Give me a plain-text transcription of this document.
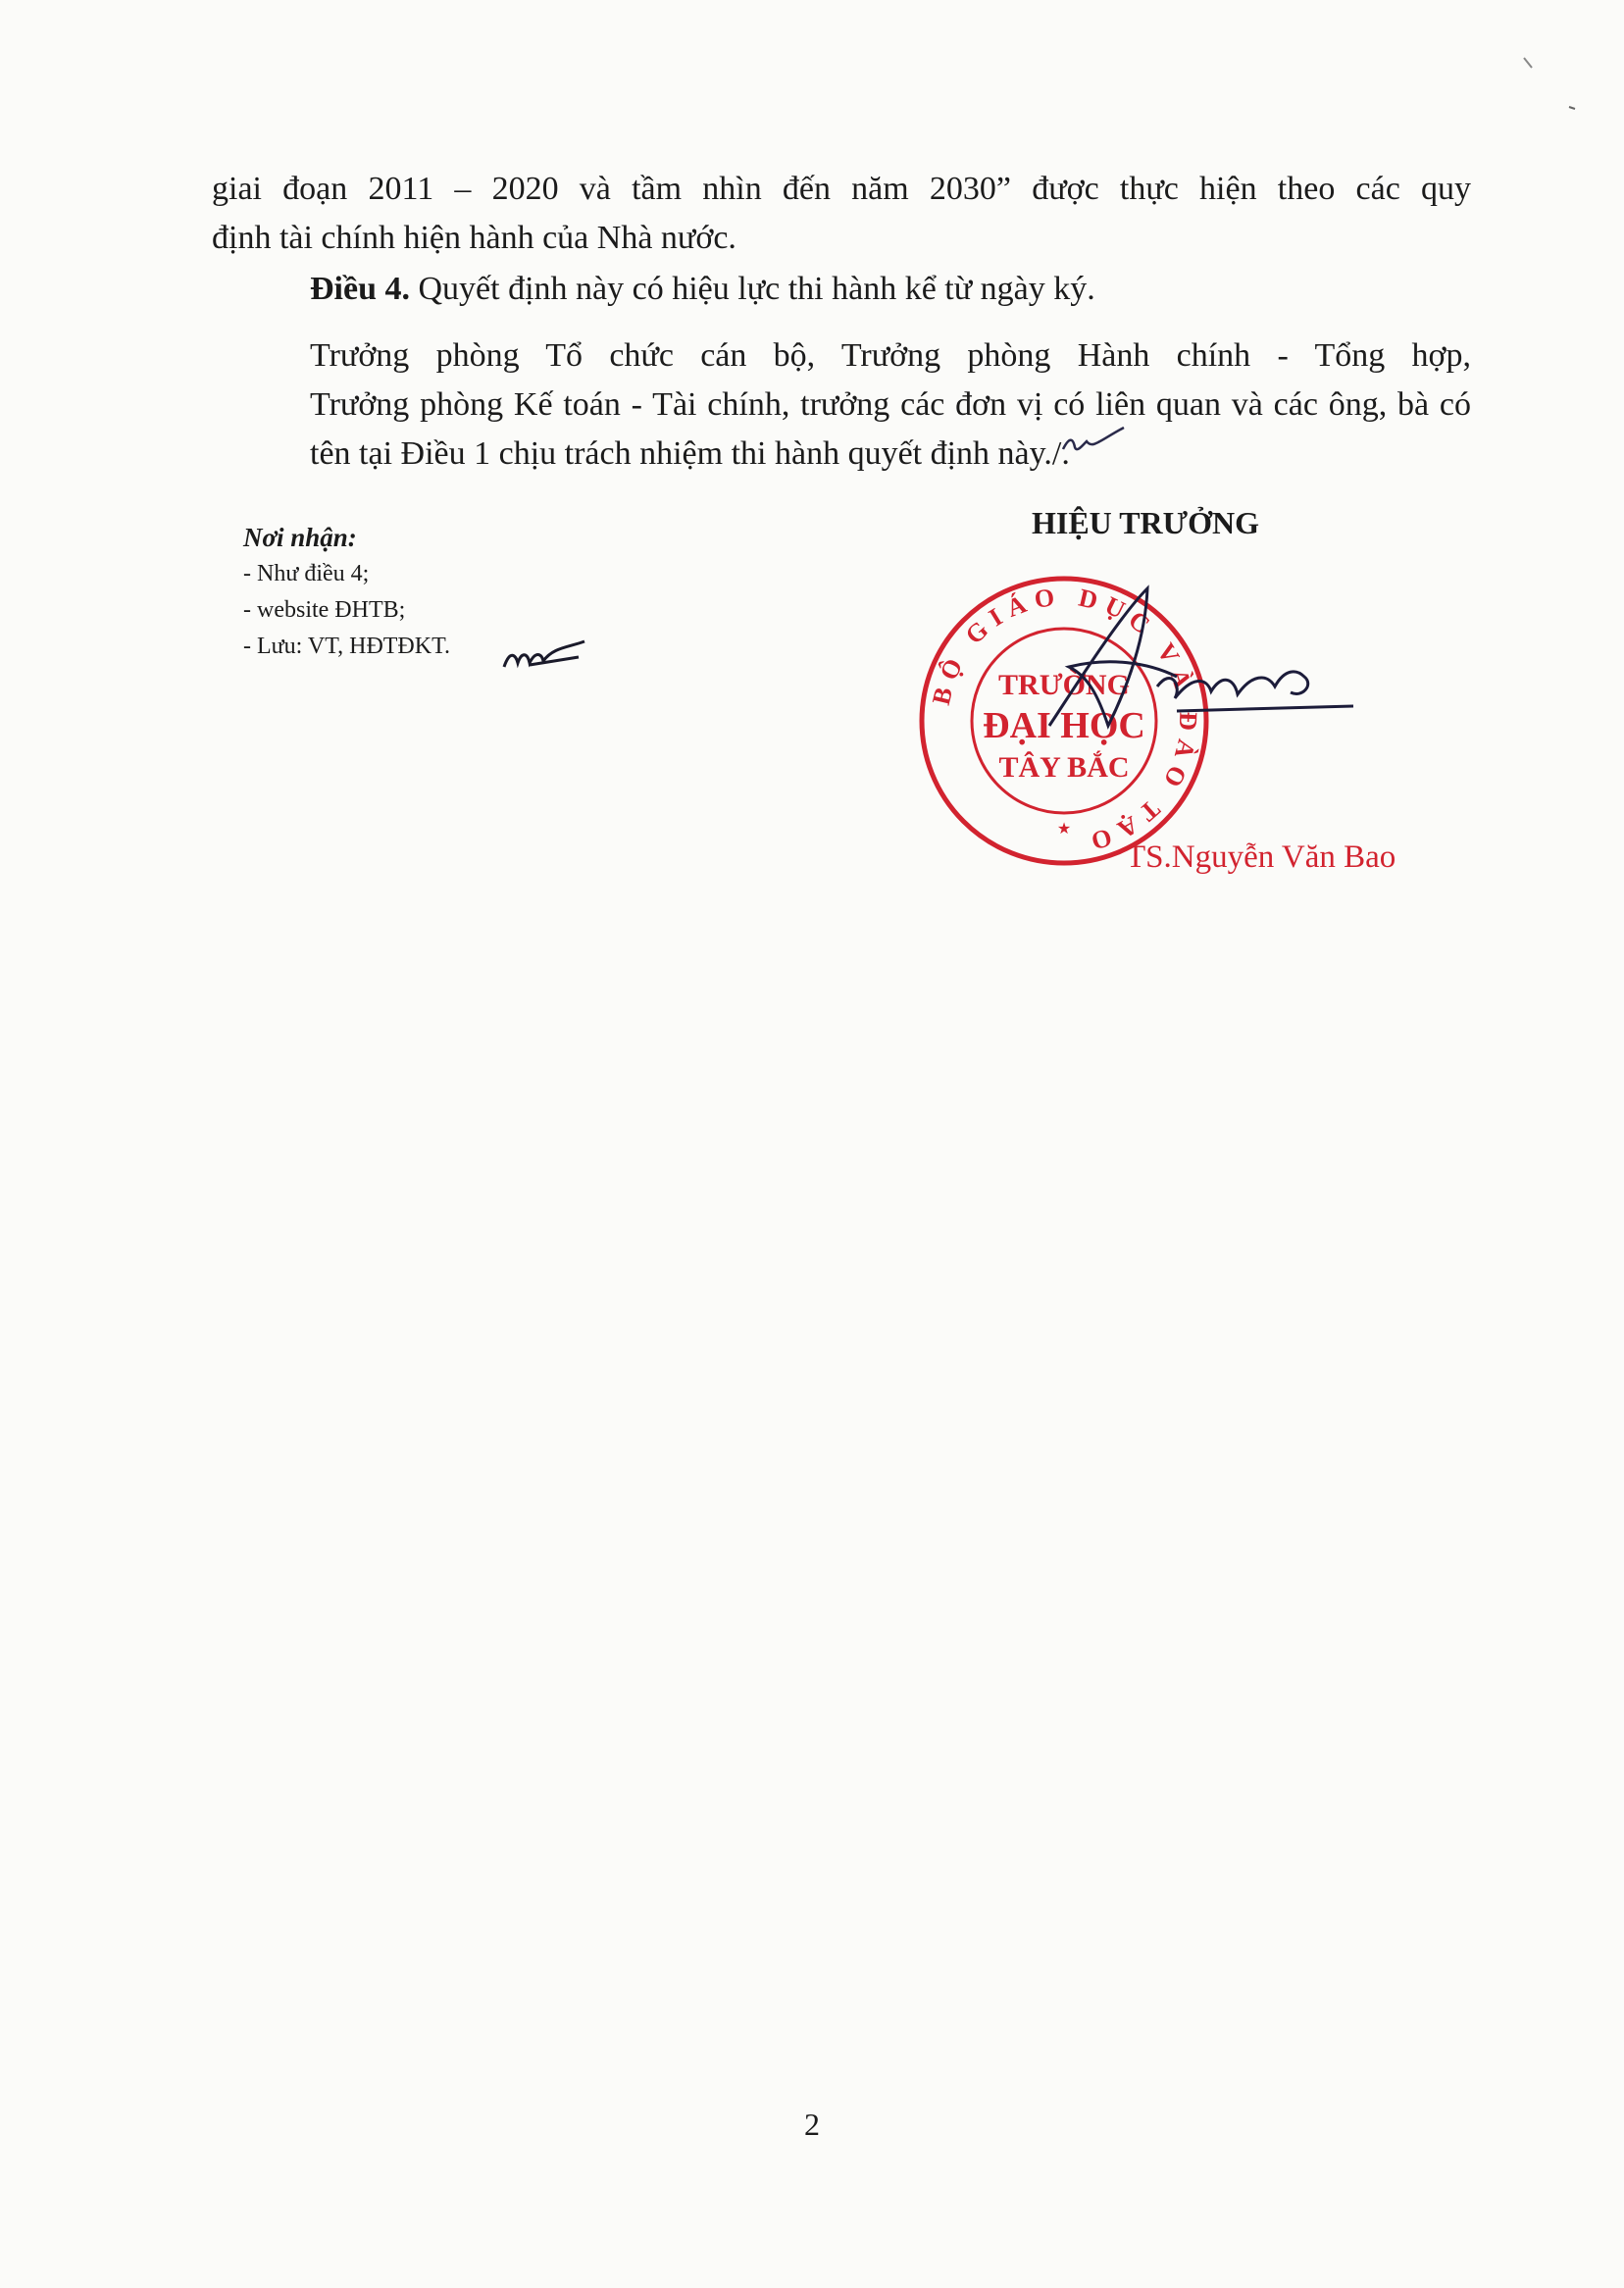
giai đoạn 2011 – 2020 và tầm nhìn đến năm 2030” được thực hiện theo các quy
định tài chính hiện hành của Nhà nước.
Điều 4. Quyết định này có hiệu lực thi hành kể từ ngày ký.
Trưởng phòng Tổ chức cán bộ, Trưởng phòng Hành chính - Tổng hợp,
Trưởng phòng Kế toán - Tài chính, trưởng các đơn vị có liên quan và các ông, bà có
tên tại Điều 1 chịu trách nhiệm thi hành quyết định này./.
Nơi nhận:
- Như điều 4;
- website ĐHTB;
- Lưu: VT, HĐTĐKT.
HIỆU TRƯỞNG
BỘ GIÁO DỤC VÀ ĐÀO TẠO
TRƯỜNG
ĐẠI HỌC
TÂY BẮC
★
TS.Nguyễn Văn Bao
2
